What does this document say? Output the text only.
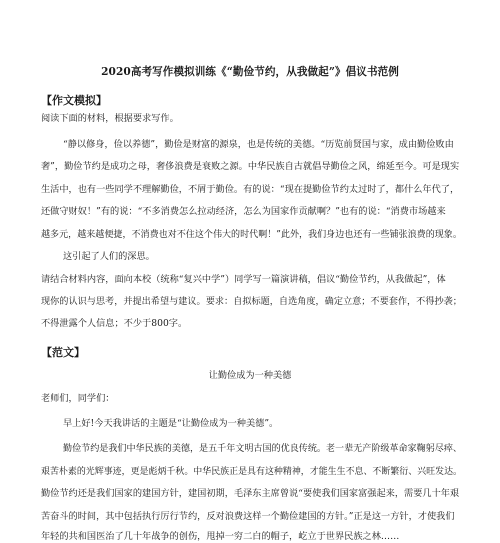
2020高考写作模拟训练《“勤俭节约，从我做起”》倡议书范例
【作文模拟】
阅读下面的材料，根据要求写作。
“静以修身，俭以养德”，勤俭是财富的源泉，也是传统的美德。“历览前贤国与家，成由勤俭败由
奢”，勤俭节约是成功之母，奢侈浪费是衰败之源。中华民族自古就倡导勤俭之风，绵延至今。可是现实
生活中，也有一些同学不理解勤俭，不屑于勤俭。有的说：“现在提勤俭节约太过时了，都什么年代了，
还做守财奴！”有的说：“不多消费怎么拉动经济，怎么为国家作贡献啊？”也有的说：“消费市场越来
越多元，越来越便捷，不消费也对不住这个伟大的时代啊！”此外，我们身边也还有一些铺张浪费的现象。
这引起了人们的深思。
请结合材料内容，面向本校（统称“复兴中学”）同学写一篇演讲稿，倡议“勤俭节约，从我做起”，体
现你的认识与思考，并提出希望与建议。要求：自拟标题，自选角度，确定立意；不要套作，不得抄袭；
不得泄露个人信息；不少于800字。
【范文】
让勤俭成为一种美德
老师们，同学们：
早上好!今天我讲话的主题是“让勤俭成为一种美德”。
勤俭节约是我们中华民族的美德，是五千年文明古国的优良传统。老一辈无产阶级革命家鞠躬尽瘁、
艰苦朴素的光辉事迹，更是彪炳千秋。中华民族正是具有这种精神，才能生生不息、不断繁衍、兴旺发达。
勤俭节约还是我们国家的建国方针，建国初期，毛泽东主席曾说“要使我们国家富强起来，需要几十年艰
苦奋斗的时间，其中包括执行厉行节约，反对浪费这样一个勤俭建国的方针。”正是这一方针，才使我们
年轻的共和国医治了几十年战争的创伤，甩掉一穷二白的帽子，屹立于世界民族之林……
